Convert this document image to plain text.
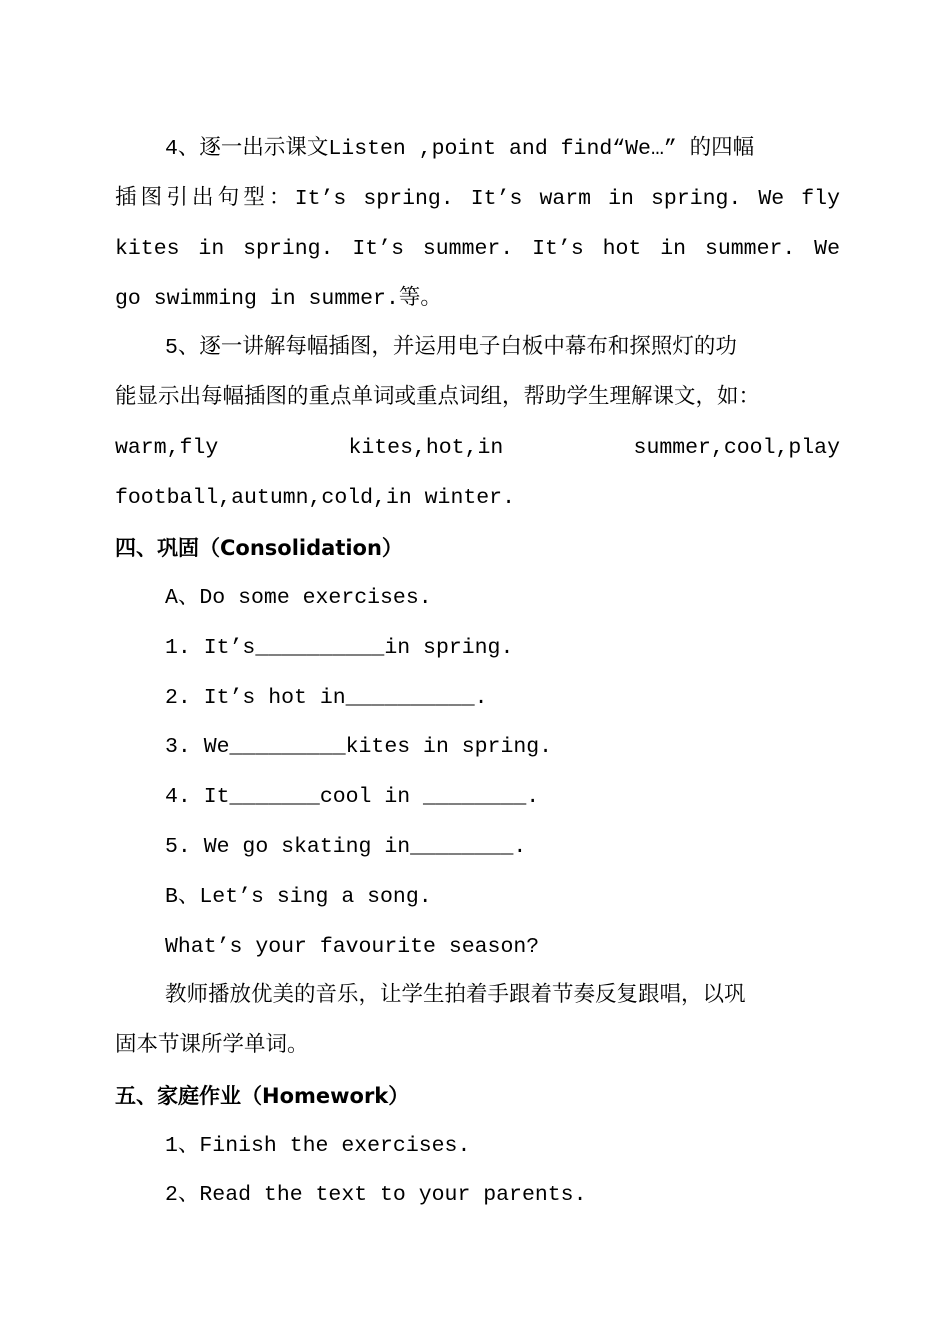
4、逐一出示课文Listen ,point and find“We…” 的四幅
插图引出句型：It’s spring. It’s warm in spring. We fly
kites in spring. It’s summer. It’s hot in summer. We
go swimming in summer.等。
5、逐一讲解每幅插图，并运用电子白板中幕布和探照灯的功
能显示出每幅插图的重点单词或重点词组，帮助学生理解课文，如：
warm,fly	kites,hot,in	summer,cool,play
football,autumn,cold,in winter.
四、巩固（Consolidation）
A、Do some exercises.
1. It’s__________in spring.
2. It’s hot in__________.
3. We_________kites in spring.
4. It_______cool in ________.
5. We go skating in________.
B、Let’s sing a song.
What’s your favourite season?
教师播放优美的音乐，让学生拍着手跟着节奏反复跟唱，以巩
固本节课所学单词。
五、家庭作业（Homework）
1、Finish the exercises.
2、Read the text to your parents.
